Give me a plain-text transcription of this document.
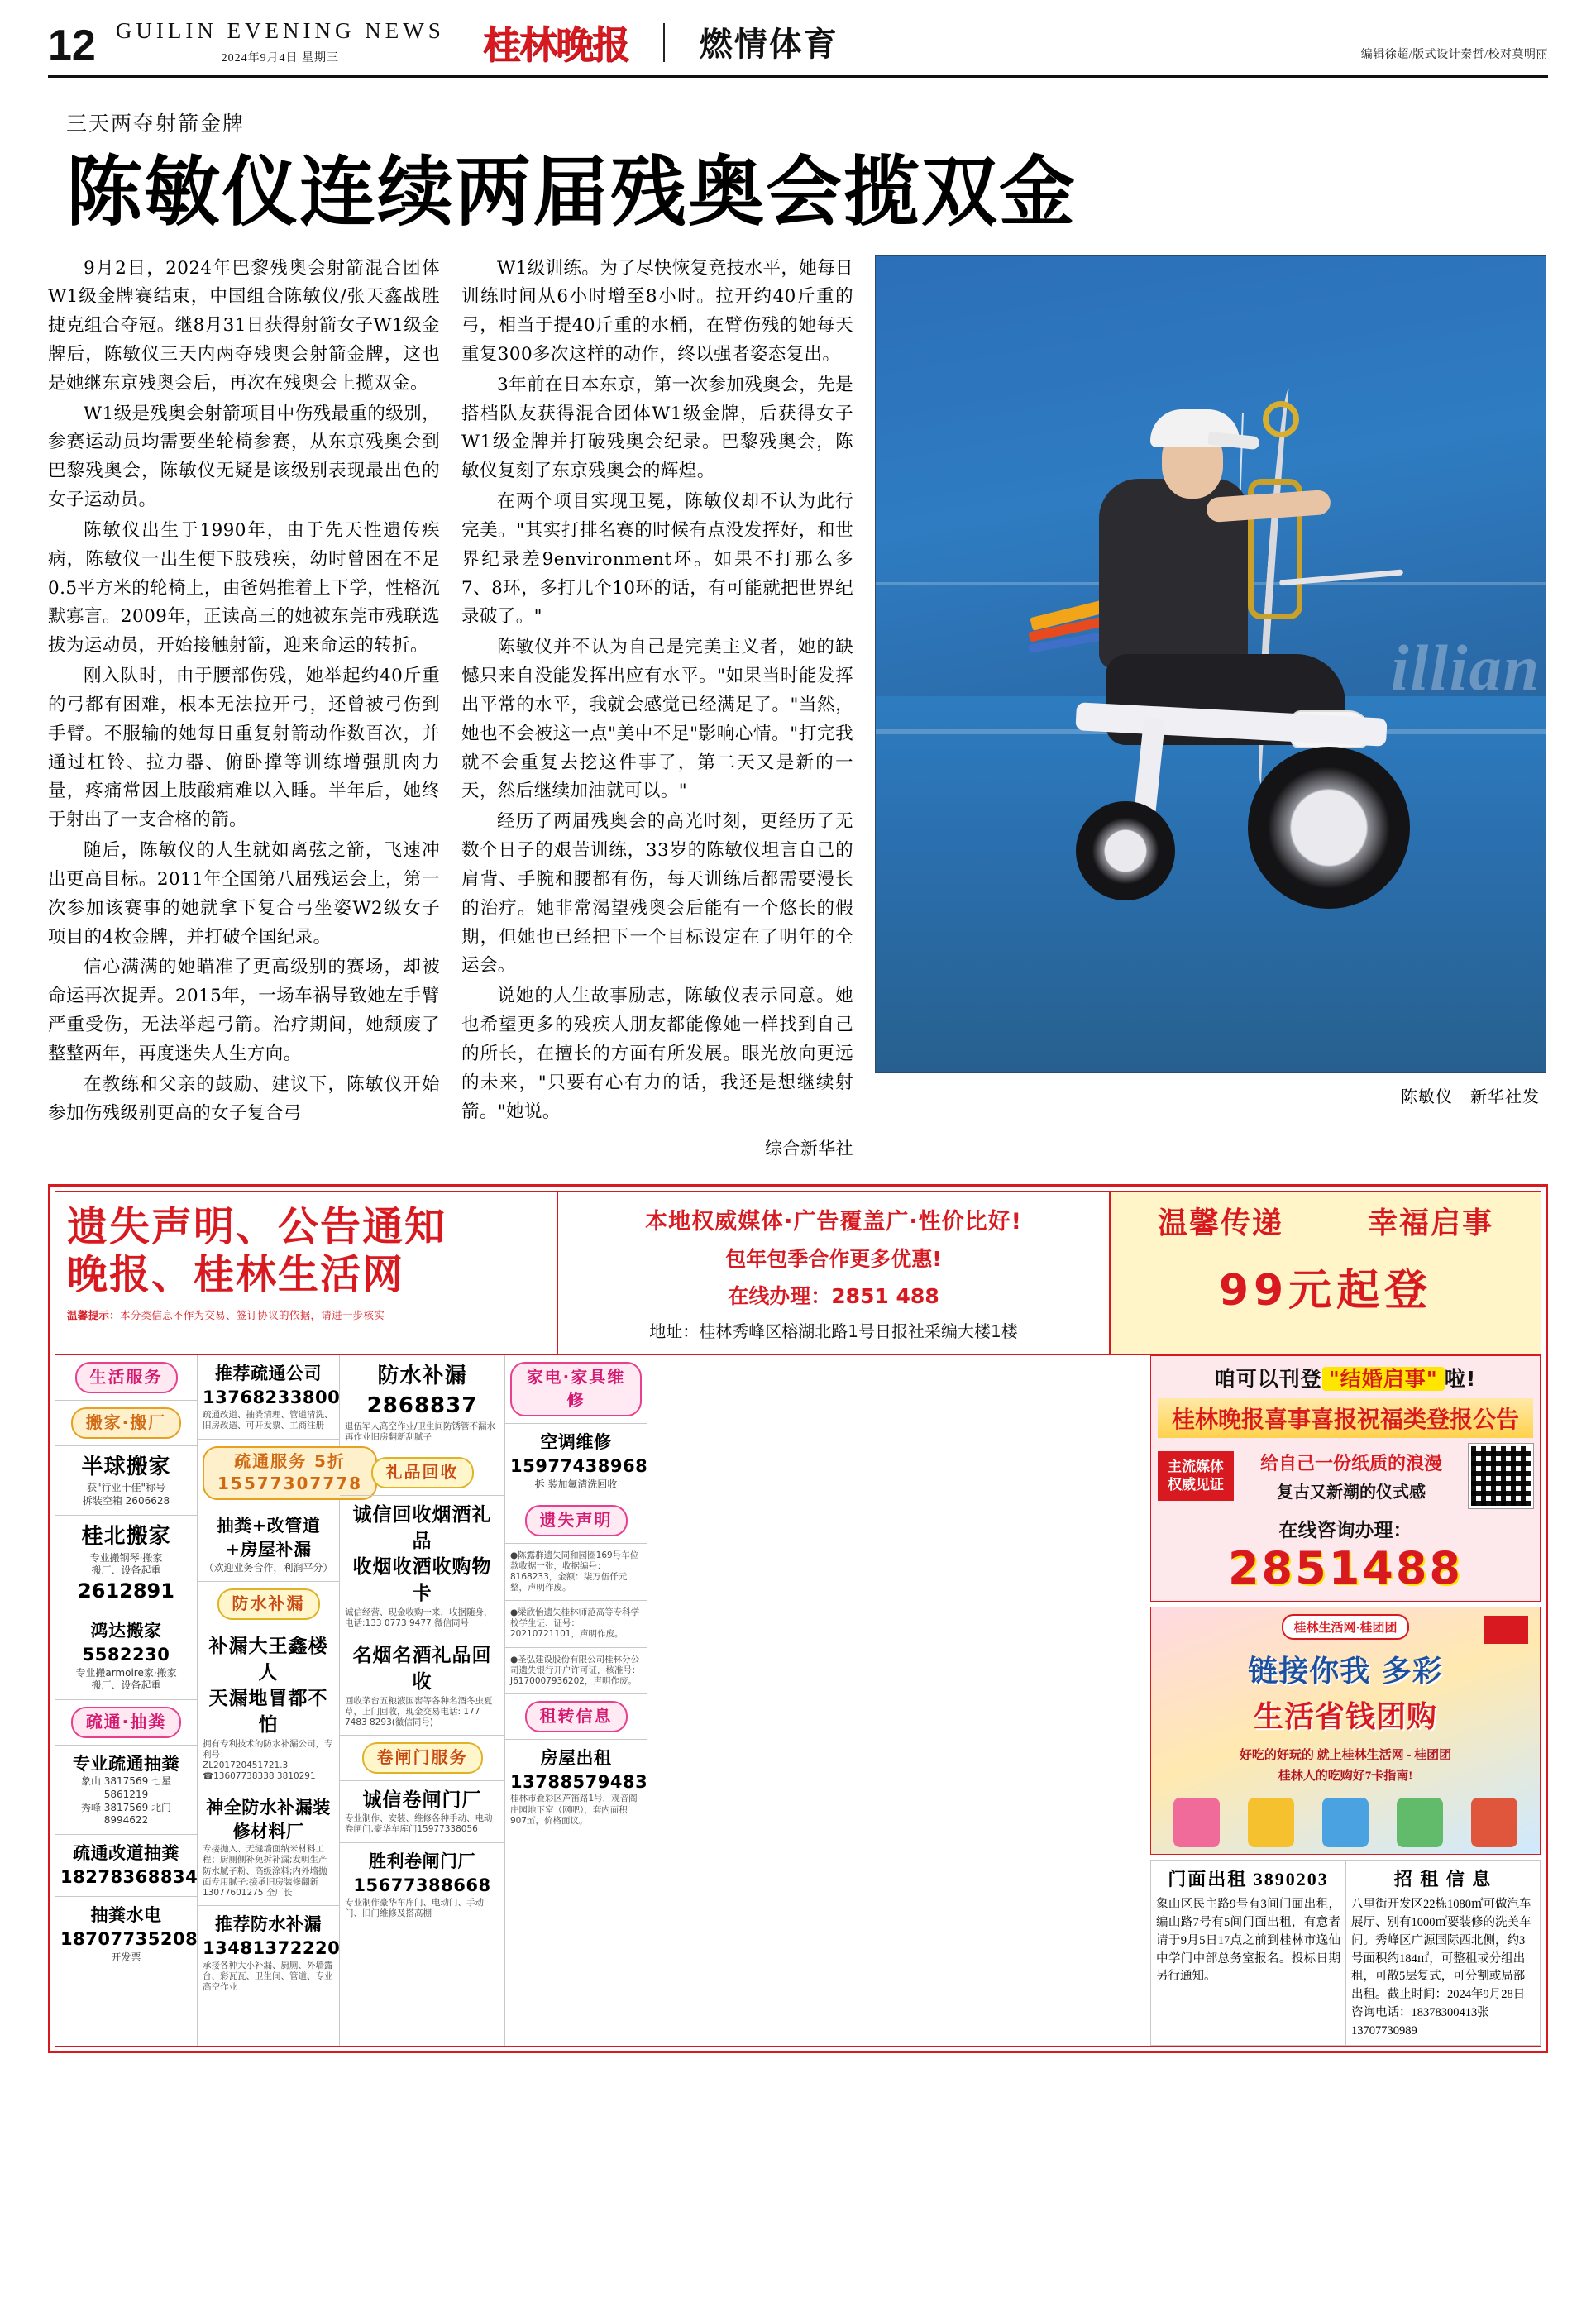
12 GUILIN EVENING NEWS
2024年9月4日 星期三	桂林晚报 燃情体育	编辑徐超/版式设计秦哲/校对莫明丽
三天两夺射箭金牌
陈敏仪连续两届残奥会揽双金

9月2日，2024年巴黎残奥会射箭混合团体W1级金牌赛结束，中国组合陈敏仪/张天鑫战胜捷克组合夺冠。继8月31日获得射箭女子W1级金牌后，陈敏仪三天内两夺残奥会射箭金牌，这也是她继东京残奥会后，再次在残奥会上揽双金。

W1级是残奥会射箭项目中伤残最重的级别，参赛运动员均需要坐轮椅参赛，从东京残奥会到巴黎残奥会，陈敏仪无疑是该级别表现最出色的女子运动员。

陈敏仪出生于1990年，由于先天性遗传疾病，陈敏仪一出生便下肢残疾，幼时曾困在不足0.5平方米的轮椅上，由爸妈推着上下学，性格沉默寡言。2009年，正读高三的她被东莞市残联选拔为运动员，开始接触射箭，迎来命运的转折。

刚入队时，由于腰部伤残，她举起约40斤重的弓都有困难，根本无法拉开弓，还曾被弓伤到手臂。不服输的她每日重复射箭动作数百次，并通过杠铃、拉力器、俯卧撑等训练增强肌肉力量，疼痛常因上肢酸痛难以入睡。半年后，她终于射出了一支合格的箭。

随后，陈敏仪的人生就如离弦之箭，飞速冲出更高目标。2011年全国第八届残运会上，第一次参加该赛事的她就拿下复合弓坐姿W2级女子项目的4枚金牌，并打破全国纪录。

信心满满的她瞄准了更高级别的赛场，却被命运再次捉弄。2015年，一场车祸导致她左手臂严重受伤，无法举起弓箭。治疗期间，她颓废了整整两年，再度迷失人生方向。

在教练和父亲的鼓励、建议下，陈敏仪开始参加伤残级别更高的女子复合弓

W1级训练。为了尽快恢复竞技水平，她每日训练时间从6小时增至8小时。拉开约40斤重的弓，相当于提40斤重的水桶，在臂伤残的她每天重复300多次这样的动作，终以强者姿态复出。

3年前在日本东京，第一次参加残奥会，先是搭档队友获得混合团体W1级金牌，后获得女子W1级金牌并打破残奥会纪录。巴黎残奥会，陈敏仪复刻了东京残奥会的辉煌。

在两个项目实现卫冕，陈敏仪却不认为此行完美。"其实打排名赛的时候有点没发挥好，和世界纪录差9environment环。如果不打那么多7、8环，多打几个10环的话，有可能就把世界纪录破了。"

陈敏仪并不认为自己是完美主义者，她的缺憾只来自没能发挥出应有水平。"如果当时能发挥出平常的水平，我就会感觉已经满足了。"当然，她也不会被这一点"美中不足"影响心情。"打完我就不会重复去挖这件事了，第二天又是新的一天，然后继续加油就可以。"

经历了两届残奥会的高光时刻，更经历了无数个日子的艰苦训练，33岁的陈敏仪坦言自己的肩背、手腕和腰都有伤，每天训练后都需要漫长的治疗。她非常渴望残奥会后能有一个悠长的假期，但她也已经把下一个目标设定在了明年的全运会。

说她的人生故事励志，陈敏仪表示同意。她也希望更多的残疾人朋友都能像她一样找到自己的所长，在擅长的方面有所发展。眼光放向更远的未来，"只要有心有力的话，我还是想继续射箭。"她说。

综合新华社
illian
陈敏仪　新华社发
遗失声明、公告通知
晚报、桂林生活网
温馨提示：本分类信息不作为交易、签订协议的依据，请进一步核实
本地权威媒体·广告覆盖广·性价比好!
包年包季合作更多优惠!
在线办理：2851 488
地址：桂林秀峰区榕湖北路1号日报社采编大楼1楼
温馨传递	幸福启事
99元起登
生活服务
搬家·搬厂
半球搬家
获"行业十佳"称号
拆装空箱 2606628
桂北搬家
专业搬钢琴·搬家
搬厂、设备起重
2612891
鸿达搬家 5582230
专业搬armoire家·搬家
搬厂、设备起重
疏通·抽粪
专业疏通抽粪
象山 3817569 七星 5861219
秀峰 3817569 北门 8994622
疏通改道抽粪 18278368834
抽粪水电 18707735208
开发票
推荐疏通公司 13768233800
疏通改道、抽粪清理、管道清洗、旧房改造、可开发票、工商注册
疏通服务 5折 15577307778
抽粪+改管道+房屋补漏
（欢迎业务合作，利润平分）
防水补漏
补漏大王鑫楼人
天漏地冒都不怕
拥有专利技术的防水补漏公司，专利号：
ZL201720451721.3 ☎13607738338 3810291
神全防水补漏装修材料厂
专接抛入、无缝墙面纳米材料工程；厨厕侧补免拆补漏;发明生产防水腻子粉、高级涂料;内外墙抛面专用腻子;接承旧房装修翻新 13077601275 全厂长
推荐防水补漏 13481372220
承接各种大小补漏、厨厕、外墙露台、彩瓦瓦、卫生间、管道、专业高空作业
防水补漏 2868837
退伍军人高空作业/卫生间防锈管不漏水再作业旧房翻新刮腻子
礼品回收
诚信回收烟酒礼品
收烟收酒收购物卡
诚信经营、现金收购一来，收据随身，电话:133 0773 9477 微信同号
名烟名酒礼品回收
回收茅台五粮液国窖等各种名酒冬虫夏草，上门回收，现金交易电话: 177 7483 8293(微信同号)
卷闸门服务
诚信卷闸门厂
专业制作、安装、维修各种手动、电动卷闸门,豪华车库门15977338056
胜利卷闸门厂 15677388668
专业制作豪华车库门、电动门、手动门、旧门维修及搭高棚
家电·家具维修
空调维修 15977438968
拆 装加氟清洗回收
遗失声明
●陈露群遗失同和园圈169号车位款收据一张，收据编号：8168233，金额：柒万伍仟元整，声明作废。
●梁欣怡遗失桂林师范高等专科学校学生证、证号：20210721101，声明作废。
●圣弘建设股份有限公司桂林分公司遗失银行开户许可证，核准号：J6170007936202，声明作废。
租转信息
房屋出租13788579483
桂林市叠彩区芦笛路1号，观音阁庄园地下室（网吧），套内面积907㎡，价格面议。
咱可以刊登 "结婚启事" 啦!
桂林晚报喜事喜报祝福类登报公告
主流媒体
权威见证
给自己一份纸质的浪漫
复古又新潮的仪式感
在线咨询办理：
2851488
桂林生活网·桂团团
链接你我 多彩
生活省钱团购
好吃的好玩的 就上桂林生活网 - 桂团团
桂林人的吃购好7卡指南!
门面出租 3890203
象山区民主路9号有3间门面出租，编山路7号有5间门面出租，有意者请于9月5日17点之前到桂林市逸仙中学门中部总务室报名。投标日期另行通知。
招 租 信 息
八里街开发区22栋1080㎡可做汽车展厅、别有1000㎡要装修的洗美车间。秀峰区广源国际西北侧，约3号面积约184㎡，可整租或分组出租，可散5层复式，可分割或局部出租。截止时间：2024年9月28日咨询电话：18378300413张 13707730989
